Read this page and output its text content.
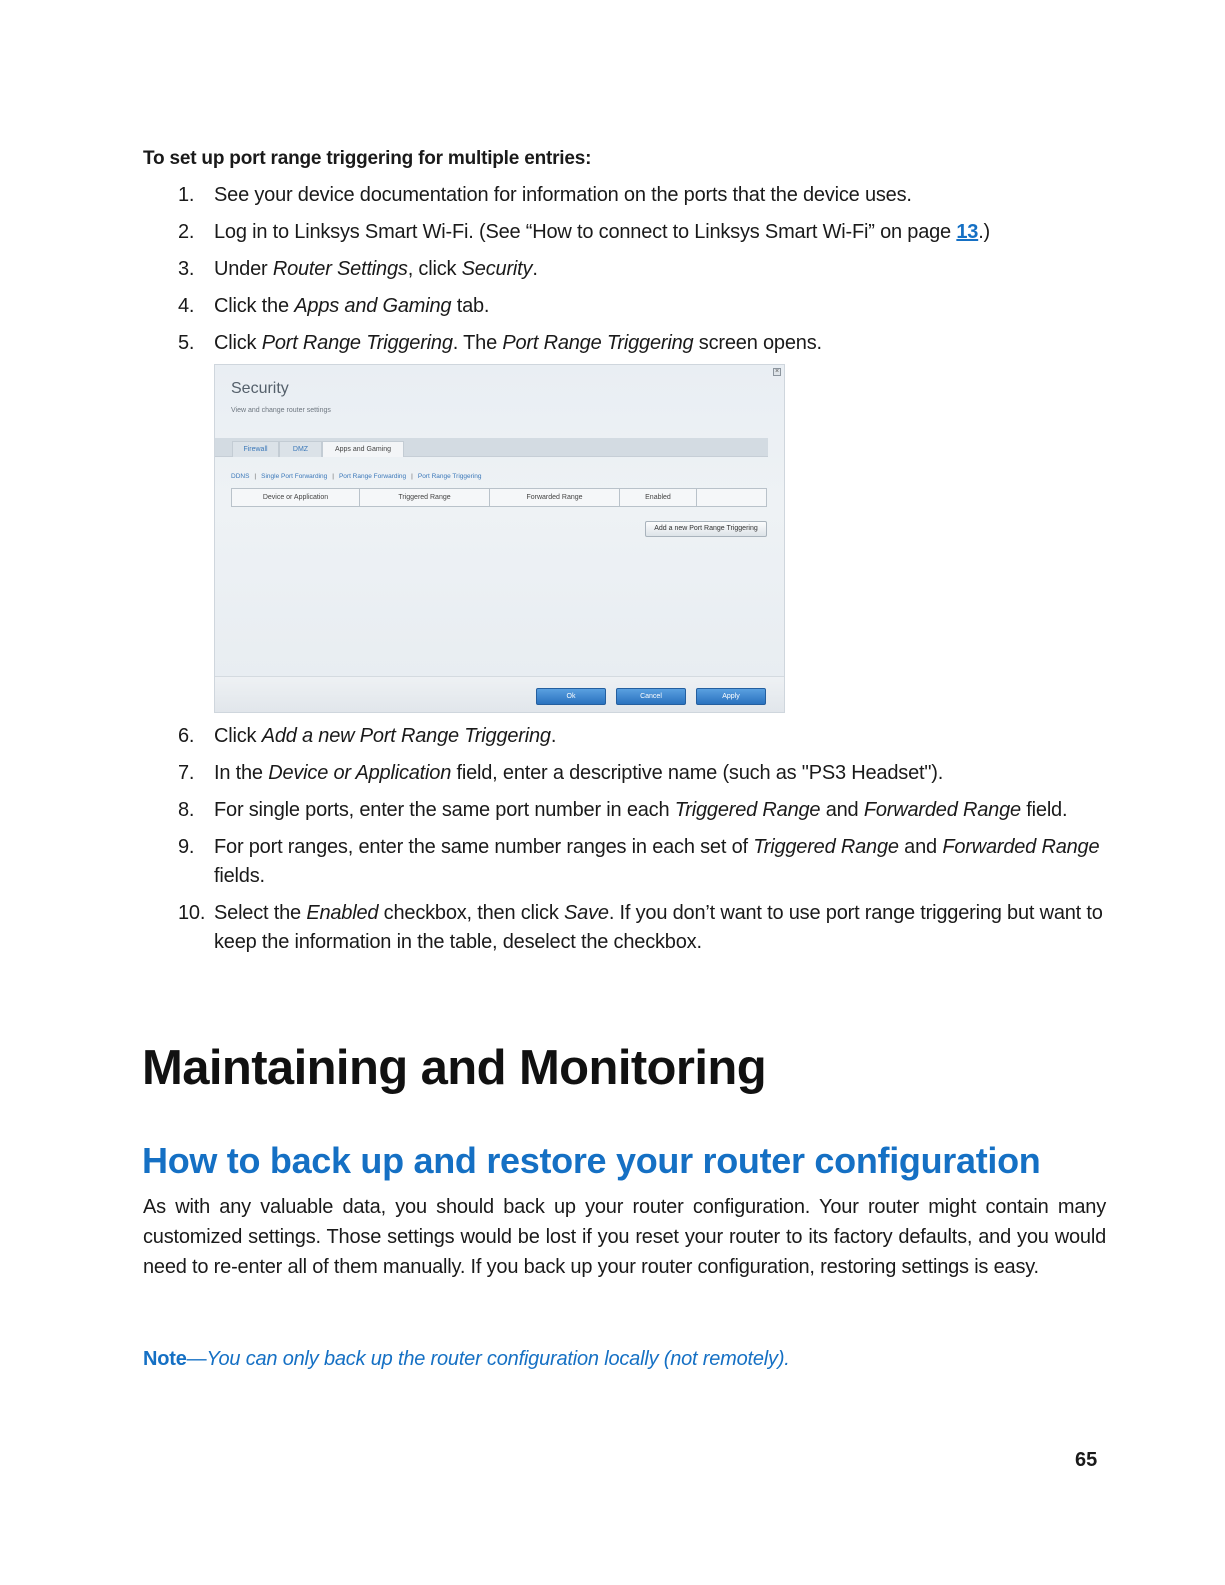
To set up port range triggering for multiple entries:
1. See your device documentation for information on the ports that the device uses.
2. Log in to Linksys Smart Wi-Fi. (See “How to connect to Linksys Smart Wi-Fi” on page 13.)
3. Under Router Settings, click Security.
4. Click the Apps and Gaming tab.
5. Click Port Range Triggering. The Port Range Triggering screen opens.
×
Security
View and change router settings
Firewall	DMZ	Apps and Gaming
DDNS | Single Port Forwarding | Port Range Forwarding | Port Range Triggering
Device or Application	Triggered Range	Forwarded Range	Enabled
Add a new Port Range Triggering
Ok	Cancel	Apply
6. Click Add a new Port Range Triggering.
7. In the Device or Application field, enter a descriptive name (such as "PS3 Headset").
8. For single ports, enter the same port number in each Triggered Range and Forwarded Range field.
9. For port ranges, enter the same number ranges in each set of Triggered Range and Forwarded Range fields.
10. Select the Enabled checkbox, then click Save. If you don’t want to use port range triggering but want to keep the information in the table, deselect the checkbox.
Maintaining and Monitoring
How to back up and restore your router configuration

As with any valuable data, you should back up your router configuration. Your router might contain many customized settings. Those settings would be lost if you reset your router to its factory defaults, and you would need to re-enter all of them manually. If you back up your router configuration, restoring settings is easy.

Note—You can only back up the router configuration locally (not remotely).
65
